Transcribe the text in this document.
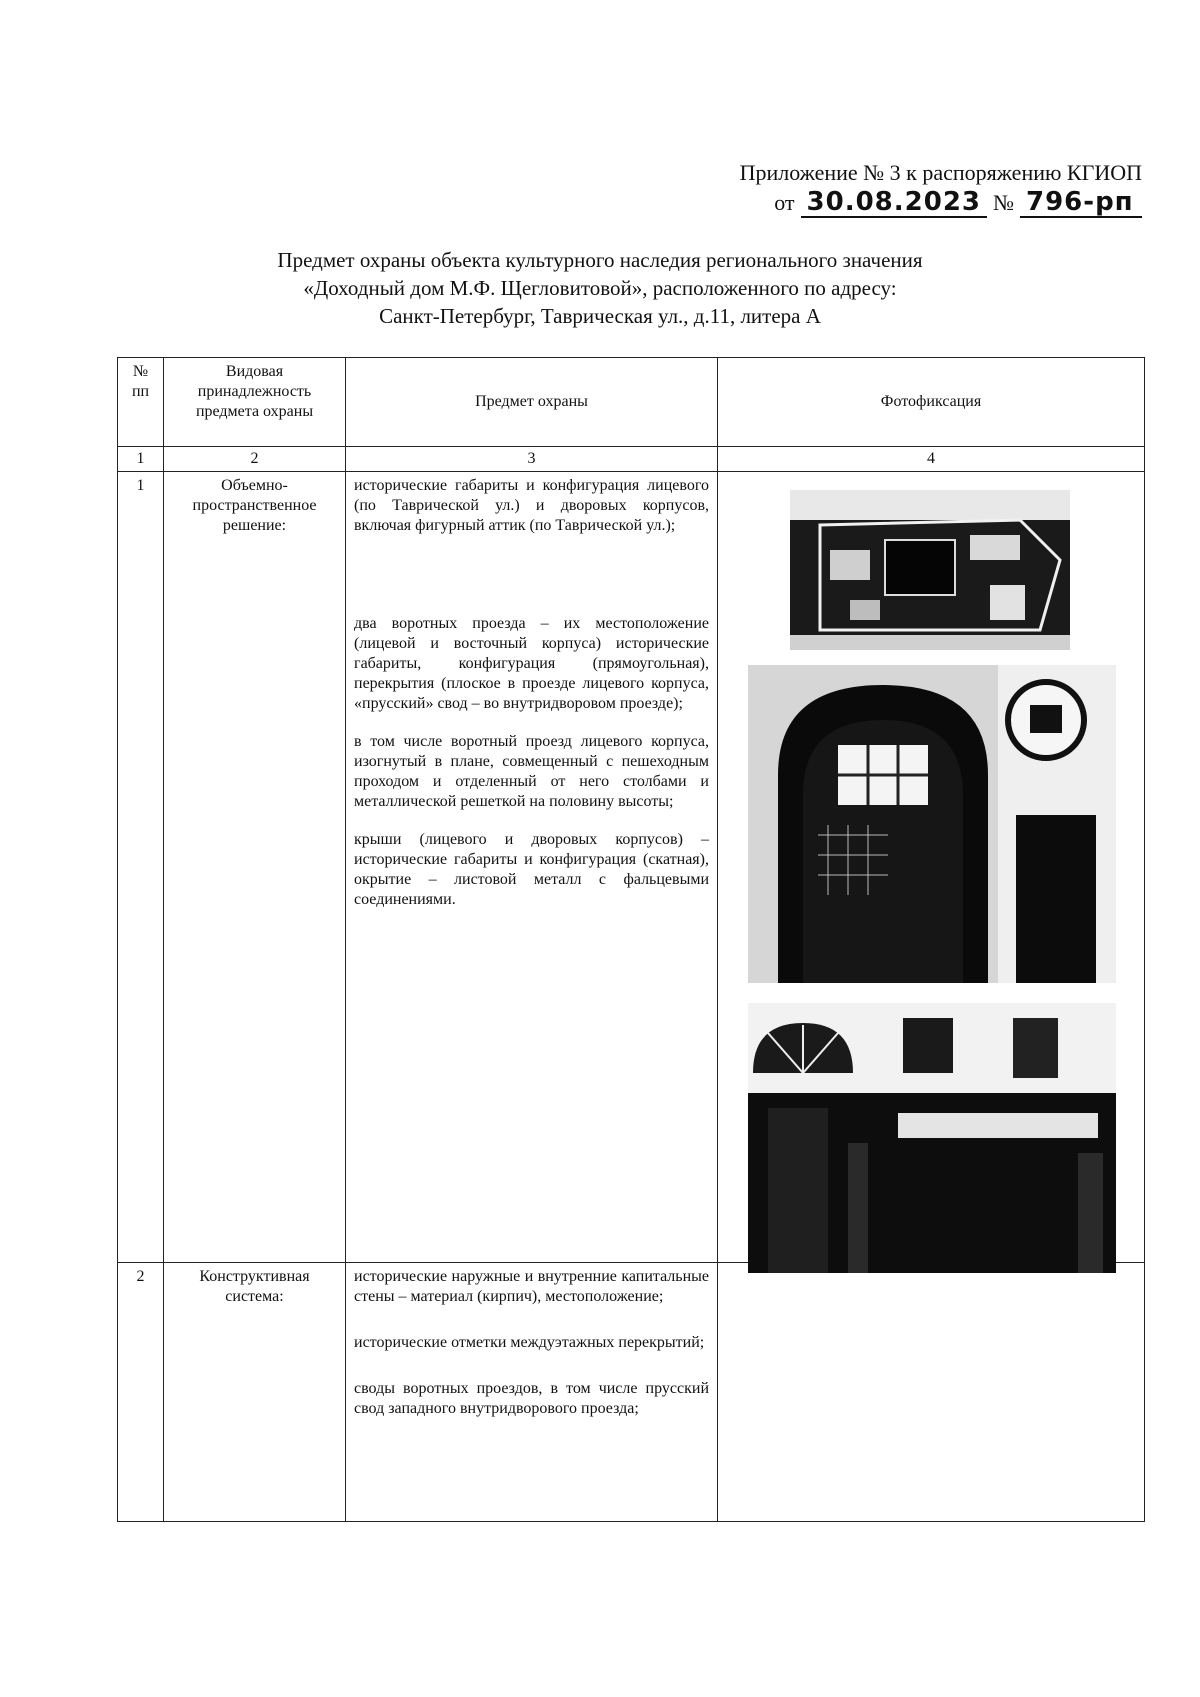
Приложение № 3 к распоряжению КГИОП
от 30.08.2023 № 796-рп
Предмет охраны объекта культурного наследия регионального значения
«Доходный дом М.Ф. Щегловитовой», расположенного по адресу:
Санкт-Петербург, Таврическая ул., д.11, литера А
№ пп	Видовая принадлежность предмета охраны	Предмет охраны	Фотофиксация
1	2	3	4
1	Объемно-пространственное решение:	исторические габариты и конфигурация лицевого (по Таврической ул.) и дворовых корпусов, включая фигурный аттик (по Таврической ул.);

два воротных проезда – их местоположение (лицевой и восточный корпуса) исторические габариты, конфигурация (прямоугольная), перекрытия (плоское в проезде лицевого корпуса, «прусский» свод – во внутридворовом проезде);

в том числе воротный проезд лицевого корпуса, изогнутый в плане, совмещенный с пешеходным проходом и отделенный от него столбами и металлической решеткой на половину высоты;

крыши (лицевого и дворовых корпусов) – исторические габариты и конфигурация (скатная), окрытие – листовой металл с фальцевыми соединениями.	

2	Конструктивная система:	исторические наружные и внутренние капитальные стены – материал (кирпич), местоположение;

исторические отметки междуэтажных перекрытий;

своды воротных проездов, в том числе прусский свод западного внутридворового проезда;	
